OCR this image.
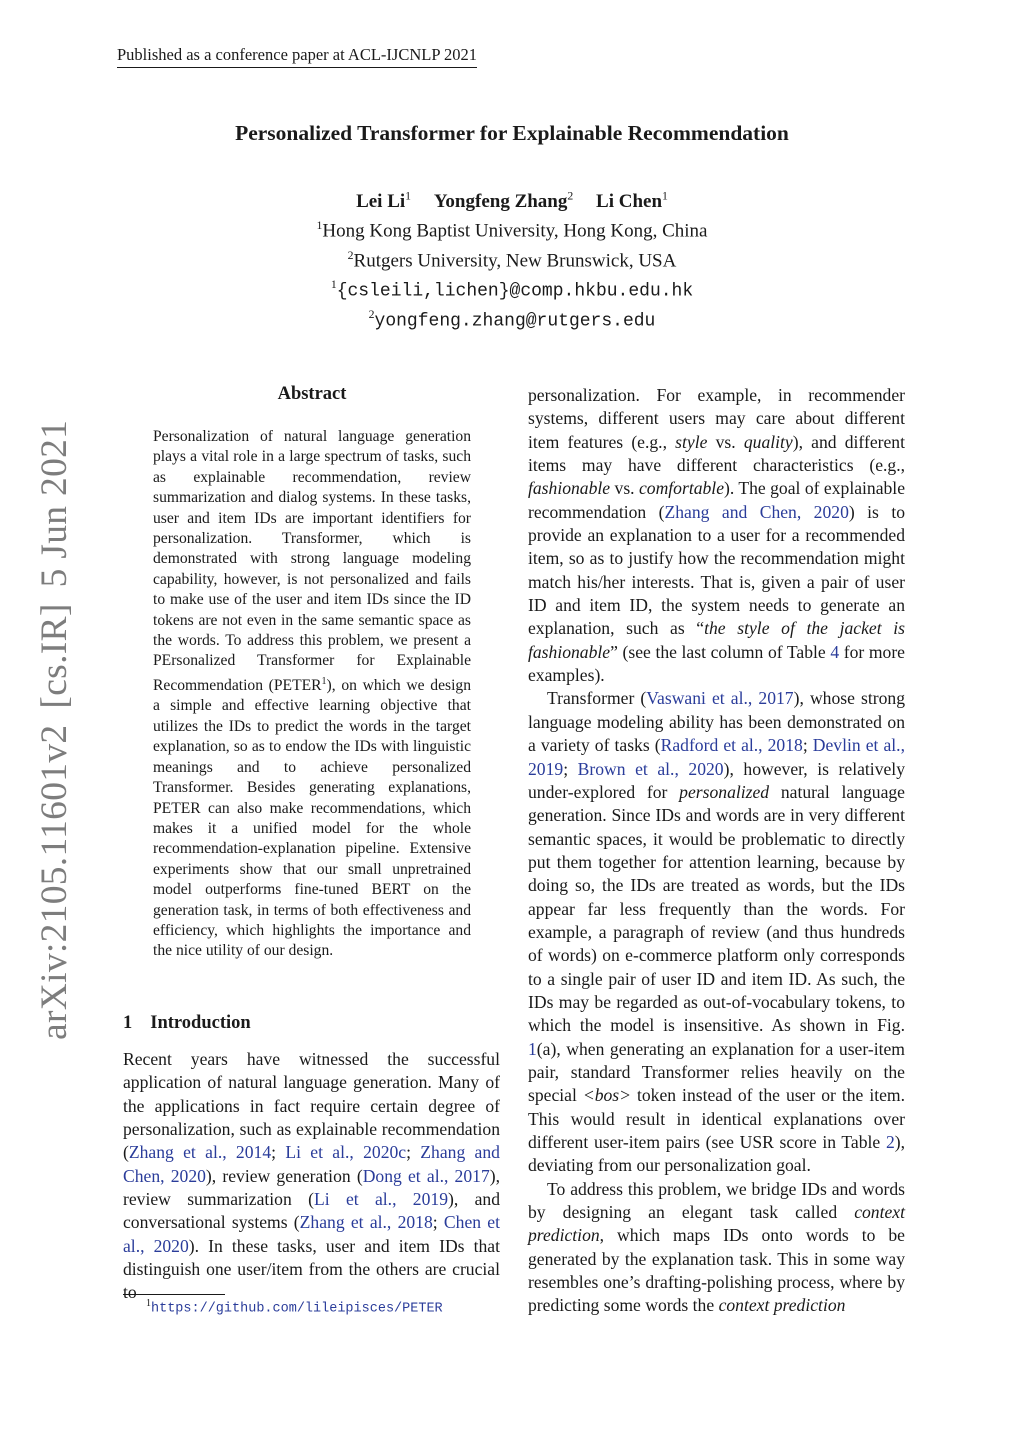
Published as a conference paper at ACL-IJCNLP 2021
Personalized Transformer for Explainable Recommendation
Lei Li$^1$ Yongfeng Zhang$^2$ Li Chen$^1$
$^1$Hong Kong Baptist University, Hong Kong, China
$^2$Rutgers University, New Brunswick, USA
$^1${csleili,lichen}@comp.hkbu.edu.hk
$^2$yongfeng.zhang@rutgers.edu
arXiv:2105.11601v2[cs.IR]5 Jun 2021
Abstract
Personalization of natural language generation plays a vital role in a large spectrum of tasks, such as explainable recommendation, review summarization and dialog systems. In these tasks, user and item IDs are important identifiers for personalization. Transformer, which is demonstrated with strong language modeling capability, however, is not personalized and fails to make use of the user and item IDs since the ID tokens are not even in the same semantic space as the words. To address this problem, we present a PErsonalized Transformer for Explainable Recommendation (PETER$^1$), on which we design a simple and effective learning objective that utilizes the IDs to predict the words in the target explanation, so as to endow the IDs with linguistic meanings and to achieve personalized Transformer. Besides generating explanations, PETER can also make recommendations, which makes it a unified model for the whole recommendation-explanation pipeline. Extensive experiments show that our small unpretrained model outperforms fine-tuned BERT on the generation task, in terms of both effectiveness and efficiency, which highlights the importance and the nice utility of our design.
1 Introduction

Recent years have witnessed the successful application of natural language generation. Many of the applications in fact require certain degree of personalization, such as explainable recommendation (Zhang et al., 2014; Li et al., 2020c; Zhang and Chen, 2020), review generation (Dong et al., 2017), review summarization (Li et al., 2019), and conversational systems (Zhang et al., 2018; Chen et al., 2020). In these tasks, user and item IDs that distinguish one user/item from the others are crucial to

personalization. For example, in recommender systems, different users may care about different item features (e.g., style vs. quality), and different items may have different characteristics (e.g., fashionable vs. comfortable). The goal of explainable recommendation (Zhang and Chen, 2020) is to provide an explanation to a user for a recommended item, so as to justify how the recommendation might match his/her interests. That is, given a pair of user ID and item ID, the system needs to generate an explanation, such as “the style of the jacket is fashionable” (see the last column of Table 4 for more examples).

Transformer (Vaswani et al., 2017), whose strong language modeling ability has been demonstrated on a variety of tasks (Radford et al., 2018; Devlin et al., 2019; Brown et al., 2020), however, is relatively under-explored for personalized natural language generation. Since IDs and words are in very different semantic spaces, it would be problematic to directly put them together for attention learning, because by doing so, the IDs are treated as words, but the IDs appear far less frequently than the words. For example, a paragraph of review (and thus hundreds of words) on e-commerce platform only corresponds to a single pair of user ID and item ID. As such, the IDs may be regarded as out-of-vocabulary tokens, to which the model is insensitive. As shown in Fig. 1(a), when generating an explanation for a user-item pair, standard Transformer relies heavily on the special <bos> token instead of the user or the item. This would result in identical explanations over different user-item pairs (see USR score in Table 2), deviating from our personalization goal.

To address this problem, we bridge IDs and words by designing an elegant task called context prediction, which maps IDs onto words to be generated by the explanation task. This in some way resembles one’s drafting-polishing process, where by predicting some words the context prediction

$^1$https://github.com/lileipisces/PETER
